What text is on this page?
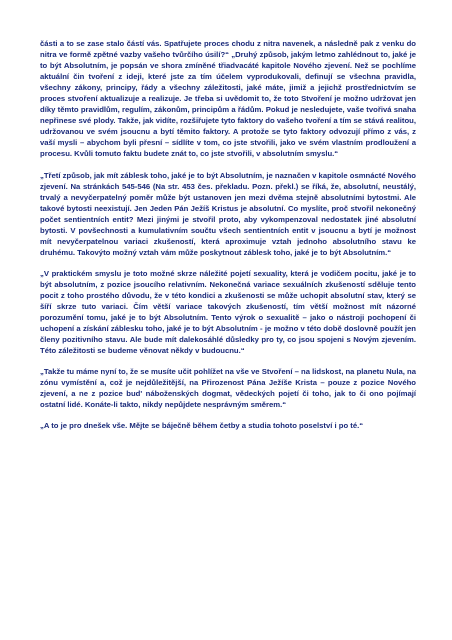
části a to se zase stalo částí vás. Spatřujete proces chodu z nitra navenek, a následně pak z venku do nitra ve formě zpětné vazby vašeho tvůrčího úsilí?“ „Druhý způsob, jakým letmo zahlédnout to, jaké je to být Absolutním, je popsán ve shora zmíněné třiadvacáté kapitole Nového zjevení. Než se pochlíme aktuální čin tvoření z ideji, které jste za tím účelem vyprodukovali, definují se všechna pravidla, všechny zákony, principy, řády a všechny záležitosti, jaké máte, jimiž a jejichž prostřednictvím se proces stvoření aktualizuje a realizuje. Je třeba si uvědomit to, že toto Stvoření je možno udržovat jen díky těmto pravidlům, regulím, zákonům, principům a řádům. Pokud je nesledujete, vaše tvořivá snaha nepřinese své plody. Takže, jak vidíte, rozšiřujete tyto faktory do vašeho tvoření a tím se stává realitou, udržovanou ve svém jsoucnu a bytí těmito faktory. A protože se tyto faktory odvozují přímo z vás, z vaší mysli – abychom byli přesní – sídlíte v tom, co jste stvořili, jako ve svém vlastním prodloužení a procesu. Kvůli tomuto faktu budete znát to, co jste stvořili, v absolutním smyslu.“

„Třetí způsob, jak mít záblesk toho, jaké je to být Absolutním, je naznačen v kapitole osmnácté Nového zjevení. Na stránkách 545-546 (Na str. 453 čes. překladu. Pozn. překl.) se říká, že, absolutní, neustálý, trvalý a nevyčerpatelný poměr může být ustanoven jen mezi dvěma stejně absolutními bytostmi. Ale takové bytosti neexistují. Jen Jeden Pán Ježíš Kristus je absolutní. Co myslíte, proč stvořil nekonečný počet sentientních entit? Mezi jinými je stvořil proto, aby vykompenzoval nedostatek jiné absolutní bytosti. V povšechnosti a kumulativním součtu všech sentientních entit v jsoucnu a bytí je možnost mít nevyčerpatelnou variaci zkušeností, která aproximuje vztah jednoho absolutního stavu ke druhému. Takovýto možný vztah vám může poskytnout záblesk toho, jaké je to být Absolutním.“

„V praktickém smyslu je toto možné skrze náležité pojetí sexuality, která je vodičem pocitu, jaké je to být absolutním, z pozice jsoucího relativním. Nekonečná variace sexuálních zkušeností sděluje tento pocit z toho prostého důvodu, že v této kondici a zkušenosti se může uchopit absolutní stav, který se šíří skrze tuto variaci. Čím větší variace takových zkušeností, tím větší možnost mít názorné porozumění tomu, jaké je to být Absolutním. Tento výrok o sexualitě – jako o nástroji pochopení či uchopení a získání záblesku toho, jaké je to být Absolutním - je možno v této době doslovně použít jen členy pozitivního stavu. Ale bude mít dalekosáhlé důsledky pro ty, co jsou spojeni s Novým zjevením. Této záležitosti se budeme věnovat někdy v budoucnu.“

„Takže tu máme nyní to, že se musíte učit pohlížet na vše ve Stvoření – na lidskost, na planetu Nula, na zónu vymístění a, což je nejdůležitější, na Přirozenost Pána Ježíše Krista – pouze z pozice Nového zjevení, a ne z pozice bud' náboženských dogmat, vědeckých pojetí či toho, jak to či ono pojímají ostatní lidé. Konáte-li takto, nikdy nepůjdete nesprávným směrem.“

„A to je pro dnešek vše. Mějte se báječně během četby a studia tohoto poselství i po té.“
